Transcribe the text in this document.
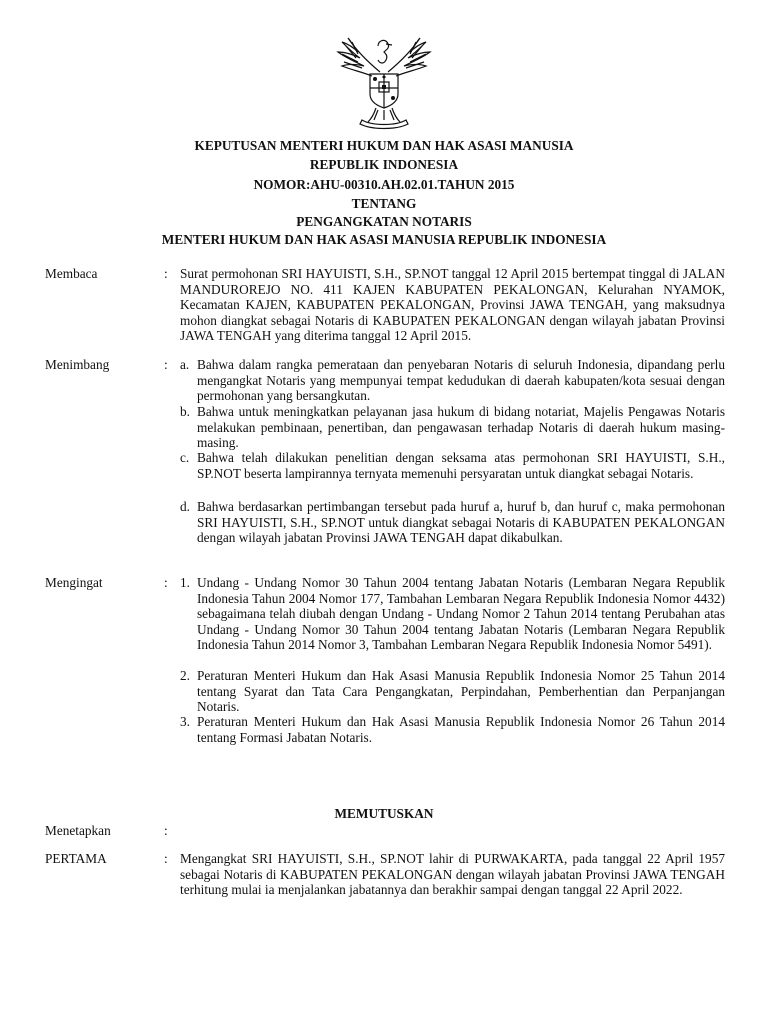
KEPUTUSAN MENTERI HUKUM DAN HAK ASASI MANUSIA
REPUBLIK INDONESIA
NOMOR:AHU-00310.AH.02.01.TAHUN 2015
TENTANG
PENGANGKATAN NOTARIS
MENTERI HUKUM DAN HAK ASASI MANUSIA REPUBLIK INDONESIA
Membaca	: Surat permohonan SRI HAYUISTI, S.H., SP.NOT tanggal 12 April 2015 bertempat tinggal di JALAN MANDUROREJO NO. 411 KAJEN KABUPATEN PEKALONGAN, Kelurahan NYAMOK, Kecamatan KAJEN, KABUPATEN PEKALONGAN, Provinsi JAWA TENGAH, yang maksudnya mohon diangkat sebagai Notaris di KABUPATEN PEKALONGAN dengan wilayah jabatan Provinsi JAWA TENGAH yang diterima tanggal 12 April 2015.
Menimbang	: a. Bahwa dalam rangka pemerataan dan penyebaran Notaris di seluruh Indonesia, dipandang perlu mengangkat Notaris yang mempunyai tempat kedudukan di daerah kabupaten/kota sesuai dengan permohonan yang bersangkutan.
b. Bahwa untuk meningkatkan pelayanan jasa hukum di bidang notariat, Majelis Pengawas Notaris melakukan pembinaan, penertiban, dan pengawasan terhadap Notaris di daerah hukum masing-masing.
c. Bahwa telah dilakukan penelitian dengan seksama atas permohonan SRI HAYUISTI, S.H., SP.NOT beserta lampirannya ternyata memenuhi persyaratan untuk diangkat sebagai Notaris.
d. Bahwa berdasarkan pertimbangan tersebut pada huruf a, huruf b, dan huruf c, maka permohonan SRI HAYUISTI, S.H., SP.NOT untuk diangkat sebagai Notaris di KABUPATEN PEKALONGAN dengan wilayah jabatan Provinsi JAWA TENGAH dapat dikabulkan.
Mengingat	: 1. Undang - Undang Nomor 30 Tahun 2004 tentang Jabatan Notaris (Lembaran Negara Republik Indonesia Tahun 2004 Nomor 177, Tambahan Lembaran Negara Republik Indonesia Nomor 4432) sebagaimana telah diubah dengan Undang - Undang Nomor 2 Tahun 2014 tentang Perubahan atas Undang - Undang Nomor 30 Tahun 2004 tentang Jabatan Notaris (Lembaran Negara Republik Indonesia Tahun 2014 Nomor 3, Tambahan Lembaran Negara Republik Indonesia Nomor 5491).
2. Peraturan Menteri Hukum dan Hak Asasi Manusia Republik Indonesia Nomor 25 Tahun 2014 tentang Syarat dan Tata Cara Pengangkatan, Perpindahan, Pemberhentian dan Perpanjangan Notaris.
3. Peraturan Menteri Hukum dan Hak Asasi Manusia Republik Indonesia Nomor 26 Tahun 2014 tentang Formasi Jabatan Notaris.
MEMUTUSKAN
Menetapkan	:
PERTAMA	: Mengangkat SRI HAYUISTI, S.H., SP.NOT lahir di PURWAKARTA, pada tanggal 22 April 1957 sebagai Notaris di KABUPATEN PEKALONGAN dengan wilayah jabatan Provinsi JAWA TENGAH terhitung mulai ia menjalankan jabatannya dan berakhir sampai dengan tanggal 22 April 2022.
